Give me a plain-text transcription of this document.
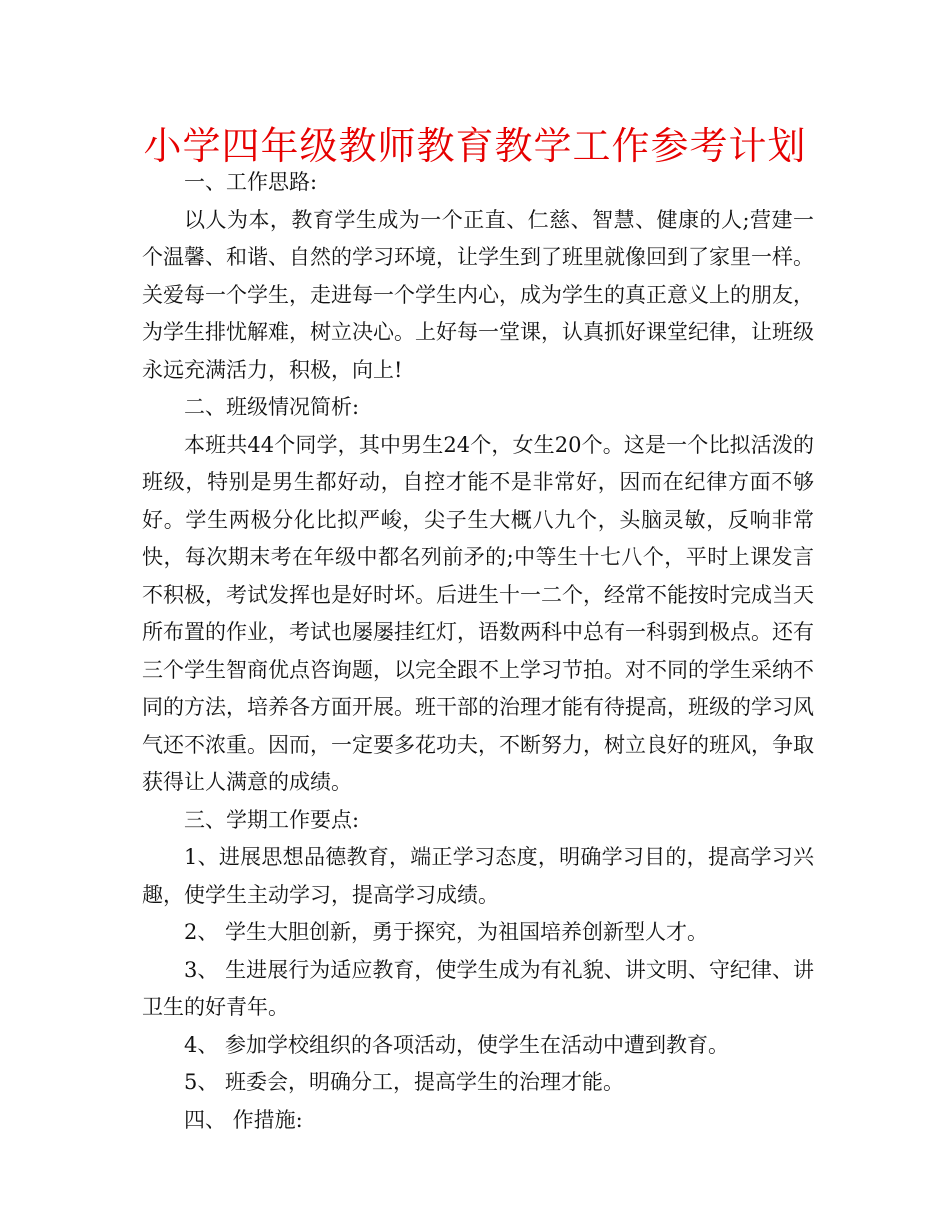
小学四年级教师教育教学工作参考计划

一、工作思路:

以人为本，教育学生成为一个正直、仁慈、智慧、健康的人;营建一个温馨、和谐、自然的学习环境，让学生到了班里就像回到了家里一样。关爱每一个学生，走进每一个学生内心，成为学生的真正意义上的朋友，为学生排忧解难，树立决心。上好每一堂课，认真抓好课堂纪律，让班级永远充满活力，积极，向上!

二、班级情况简析:

本班共44个同学，其中男生24个，女生20个。这是一个比拟活泼的班级，特别是男生都好动，自控才能不是非常好，因而在纪律方面不够好。学生两极分化比拟严峻，尖子生大概八九个，头脑灵敏，反响非常快，每次期末考在年级中都名列前矛的;中等生十七八个，平时上课发言不积极，考试发挥也是好时坏。后进生十一二个，经常不能按时完成当天所布置的作业，考试也屡屡挂红灯，语数两科中总有一科弱到极点。还有三个学生智商优点咨询题，以完全跟不上学习节拍。对不同的学生采纳不同的方法，培养各方面开展。班干部的治理才能有待提高，班级的学习风气还不浓重。因而，一定要多花功夫，不断努力，树立良好的班风，争取获得让人满意的成绩。

三、学期工作要点:

1、进展思想品德教育，端正学习态度，明确学习目的，提高学习兴趣，使学生主动学习，提高学习成绩。

2、 学生大胆创新，勇于探究，为祖国培养创新型人才。

3、 生进展行为适应教育，使学生成为有礼貌、讲文明、守纪律、讲卫生的好青年。

4、 参加学校组织的各项活动，使学生在活动中遭到教育。

5、 班委会，明确分工，提高学生的治理才能。

四、 作措施:
